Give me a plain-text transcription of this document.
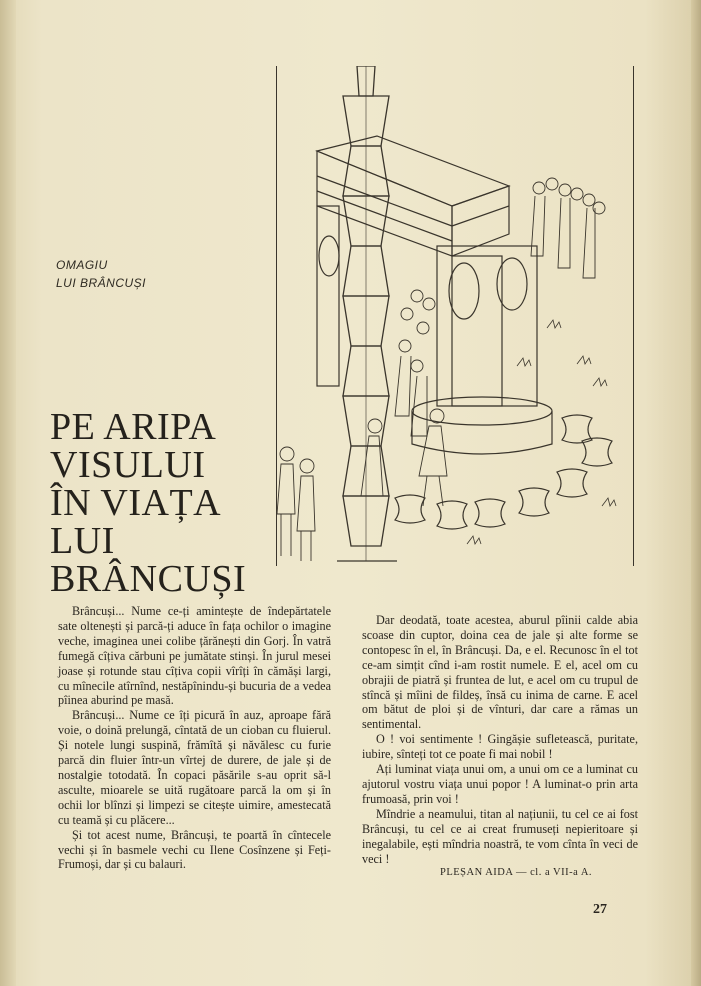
OMAGIU
LUI BRÂNCUȘI
PE ARIPA
VISULUI
ÎN VIAȚA
LUI
BRÂNCUȘI

Brâncuși... Nume ce-ți amintește de îndepărtatele sate oltenești și parcă-ți aduce în fața ochilor o imagine veche, imaginea unei colibe țărănești din Gorj. În vatră fumegă cîțiva cărbuni pe jumătate stinși. În jurul mesei joase și rotunde stau cîțiva copii vîrîți în cămăși largi, cu mînecile atîrnînd, nestăpînindu-și bucuria de a vedea pîinea aburind pe masă.

Brâncuși... Nume ce îți picură în auz, aproape fără voie, o doină prelungă, cîntată de un cioban cu fluierul. Și notele lungi suspină, frămîtă și năvălesc cu furie parcă din fluier într-un vîrtej de durere, de jale și de nostalgie totodată. În copaci păsările s-au oprit să-l asculte, mioarele se uită rugătoare parcă la om și în ochii lor blînzi și limpezi se citește uimire, amestecată cu teamă și cu plăcere...

Și tot acest nume, Brâncuși, te poartă în cîntecele vechi și în basmele vechi cu Ilene Cosînzene și Feți-Frumoși, dar și cu balauri.

Dar deodată, toate acestea, aburul pîinii calde abia scoase din cuptor, doina cea de jale și alte forme se contopesc în el, în Brâncuși. Da, e el. Recunosc în el tot ce-am simțit cînd i-am rostit numele. E el, acel om cu obrajii de piatră și fruntea de lut, e acel om cu trupul de stîncă și mîini de fildeș, însă cu inima de carne. E acel om bătut de ploi și de vînturi, dar care a rămas un sentimental.

O ! voi sentimente ! Gingășie sufletească, puritate, iubire, sînteți tot ce poate fi mai nobil !

Ați luminat viața unui om, a unui om ce a luminat cu ajutorul vostru viața unui popor ! A luminat-o prin arta frumoasă, prin voi !

Mîndrie a neamului, titan al națiunii, tu cel ce ai fost Brâncuși, tu cel ce ai creat frumuseți nepieritoare și inegalabile, ești mîndria noastră, te vom cînta în veci de veci !

PLEȘAN AIDA — cl. a VII-a A.
27
